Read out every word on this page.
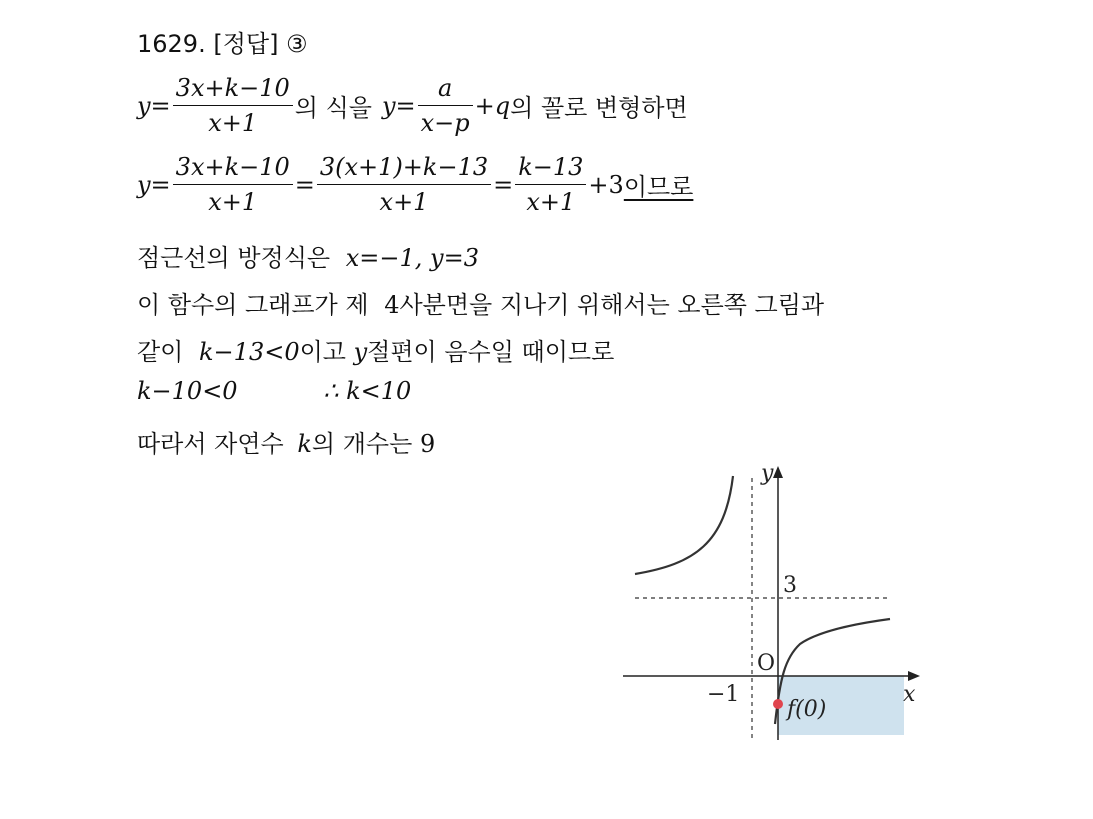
1629. [정답] ③
$y= \frac{3x+k-10}{x+1}$ 의 식을 $y= \frac{a}{x-p} +q$ 의 꼴로 변형하면
$y= \frac{3x+k-10}{x+1} = \frac{3(x+1)+k-13}{x+1} = \frac{k-13}{x+1} +3$ 이므로
점근선의 방정식은 x=−1, y=3
이 함수의 그래프가 제 4사분면을 지나기 위해서는 오른쪽 그림과
같이 k−13<0이고 y절편이 음수일 때이므로
k−10<0	∴ k<10
따라서 자연수 k의 개수는 9
y
x
3
O
−1
f(0)
